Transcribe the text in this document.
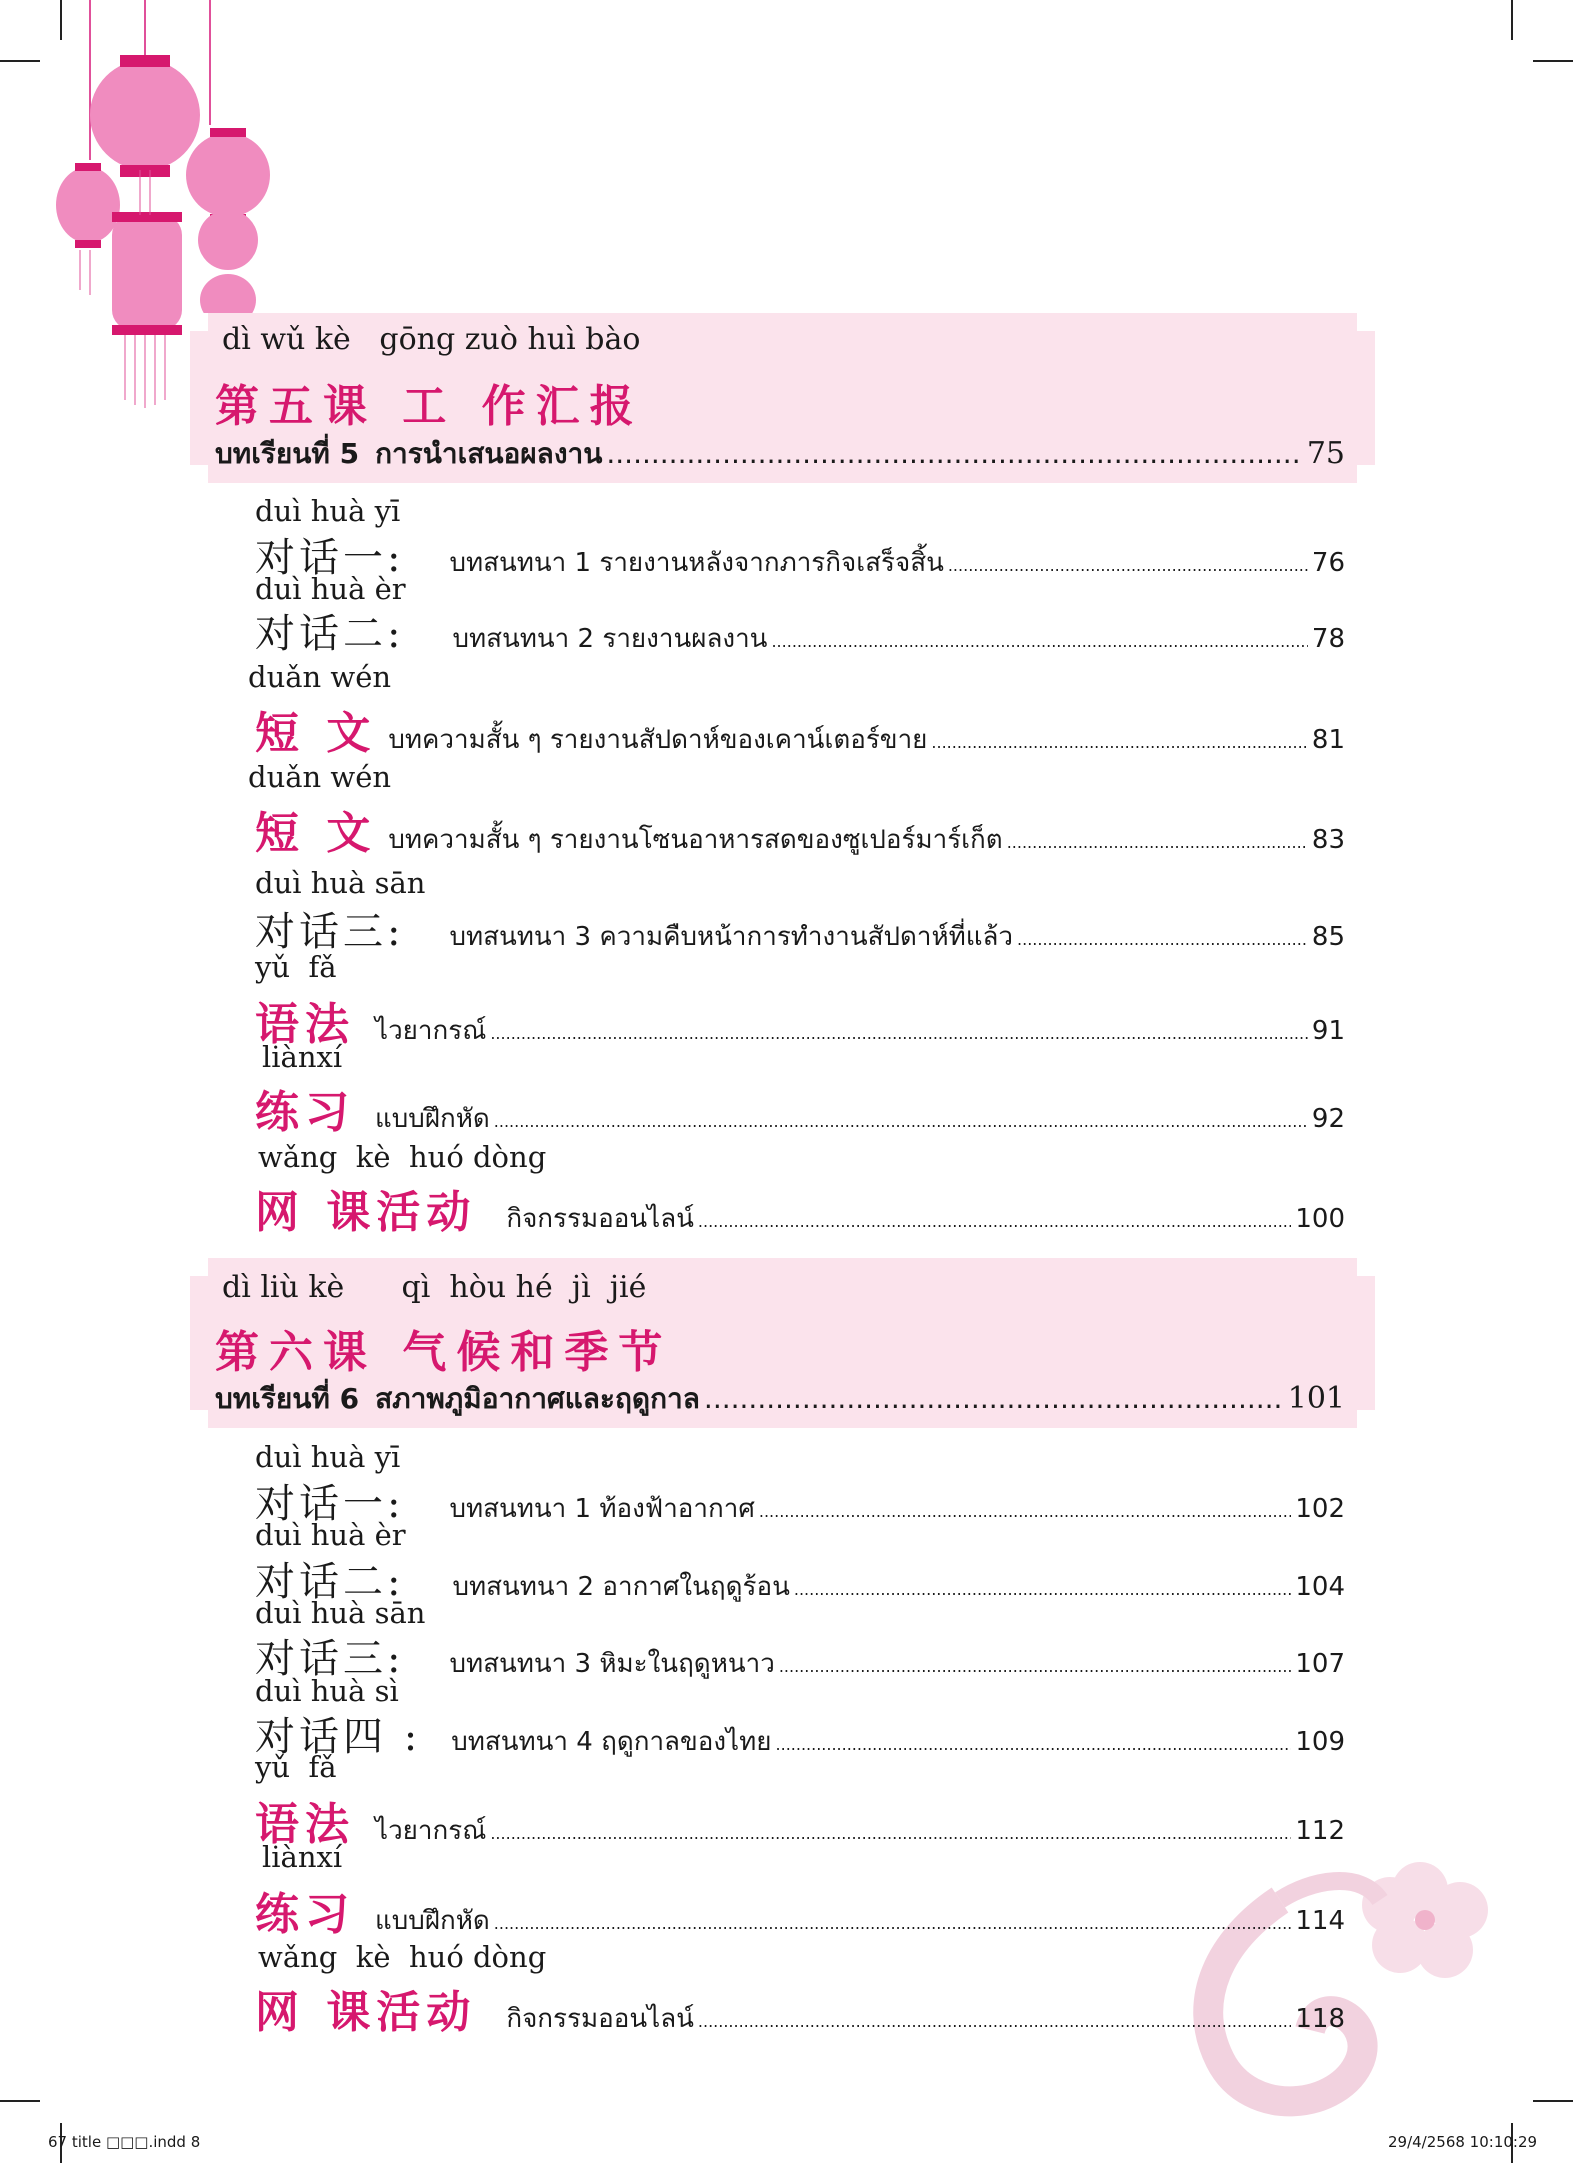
dì wǔ kè   gōng zuò huì bào
第五课 工 作汇报
บทเรียนที่ 5 การนำเสนอผลงาน .....	75
duì huà yī
对话一: บทสนทนา 1 รายงานหลังจากภารกิจเสร็จสิ้น .....	76
duì huà èr
对话二: บทสนทนา 2 รายงานผลงาน .....	78
duǎn wén
短 文 บทความสั้น ๆ รายงานสัปดาห์ของเคาน์เตอร์ขาย .....	81
duǎn wén
短 文 บทความสั้น ๆ รายงานโซนอาหารสดของซูเปอร์มาร์เก็ต .....	83
duì huà sān
对话三: บทสนทนา 3 ความคืบหน้าการทำงานสัปดาห์ที่แล้ว .....	85
yǔ  fǎ
语法 ไวยากรณ์ .....	91
liànxí
练习 แบบฝึกหัด .....	92
wǎng  kè  huó dòng
网 课活动 กิจกรรมออนไลน์ .....	100
dì liù kè      qì  hòu hé  jì  jié
第六课 气候和季节
บทเรียนที่ 6 สภาพภูมิอากาศและฤดูกาล .....	101
duì huà yī
对话一: บทสนทนา 1 ท้องฟ้าอากาศ .....	102
duì huà èr
对话二: บทสนทนา 2 อากาศในฤดูร้อน .....	104
duì huà sān
对话三: บทสนทนา 3 หิมะในฤดูหนาว .....	107
duì huà sì
对话四 : บทสนทนา 4 ฤดูกาลของไทย .....	109
yǔ  fǎ
语法 ไวยากรณ์ .....	112
liànxí
练习 แบบฝึกหัด .....	114
wǎng  kè  huó dòng
网 课活动 กิจกรรมออนไลน์ .....	118
67 title □□□.indd 8	29/4/2568 10:10:29
